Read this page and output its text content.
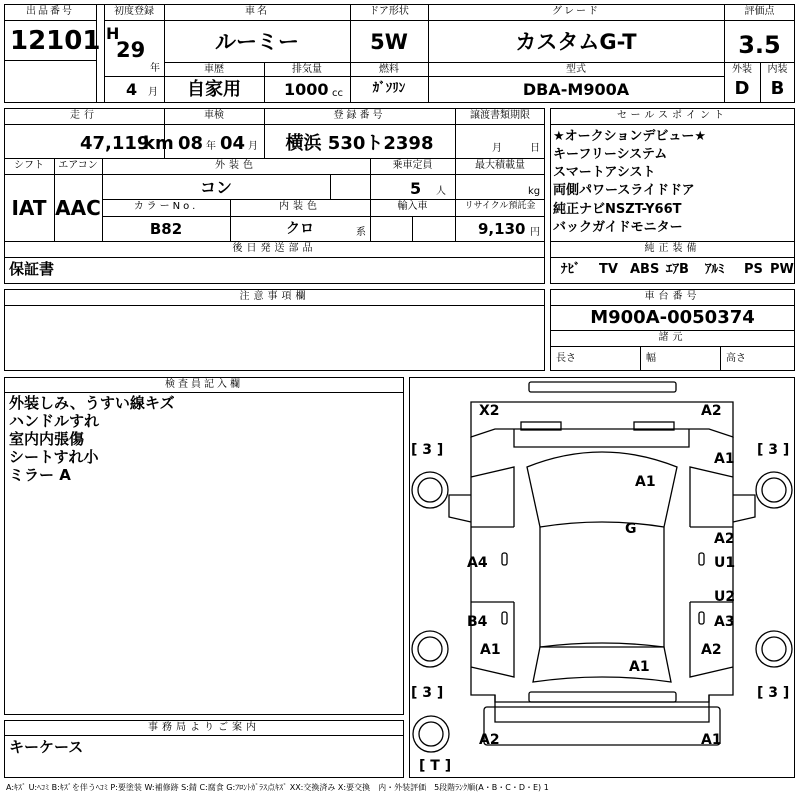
出品番号
12101
初度登録
H
29
年
4 月
車名
ルーミー
ドア形状
5W
グレード
カスタムG-T
評価点
3.5
外装	内装
D	B
車歴
自家用
排気量
1000 cc
燃料
ｶﾞｿﾘﾝ
型式
DBA-M900A
走行
47,119
km
車検
08 年 04 月
登録番号
横浜 530ト2398
譲渡書類期限
月	日
シフト
IAT
エアコン
AAC
外装色
コン
乗車定員
5 人
最大積載量
kg
カラーNo.
B82
内装色
クロ	系
輸入車	リサイクル預託金
9,130 円
後日発送部品
保証書
セールスポイント
★オークションデビュー★
キーフリーシステム
スマートアシスト
両側パワースライドドア
純正ナビNSZT-Y66T
バックガイドモニター
純正装備
ﾅﾋﾞ TV ABS ｴｱB ｱﾙﾐ PS PW
注意事項欄	車台番号
M900A-0050374
諸元
長さ	幅	高さ
検査員記入欄
外装しみ、うすい線キズ
ハンドルすれ
室内内張傷
シートすれ小
ミラー A
事務局よりご案内
キーケース
X2	A2
[ 3 ]	[ 3 ]
A1
A1
G
A2
A4	U1
U2
B4	A3
A1	A2
A1
[ 3 ]	[ 3 ]
A2	A1
[ T ]
A:ｷｽﾞ U:ﾍｺﾐ B:ｷｽﾞを伴うﾍｺﾐ P:要塗装 W:補修跡 S:錆 C:腐食 G:ﾌﾛﾝﾄｶﾞﾗｽ点ｷｽﾞ XX:交換済み X:要交換　内・外装評価　5段階ﾗﾝｸ順(A・B・C・D・E) 1
